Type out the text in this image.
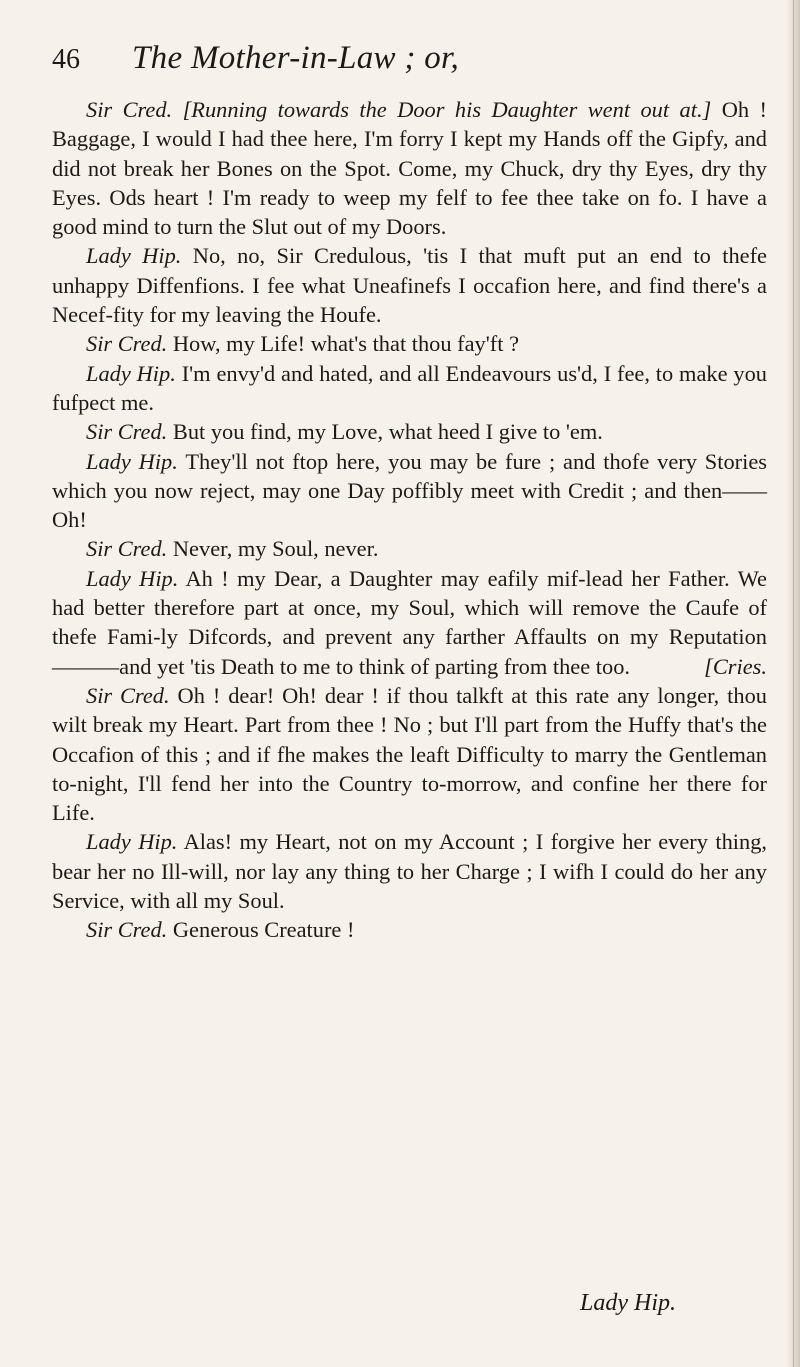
46	The Mother-in-Law ; or,

Sir Cred. [Running towards the Door his Daughter went out at.] Oh ! Baggage, I would I had thee here, I'm forry I kept my Hands off the Gipfy, and did not break her Bones on the Spot. Come, my Chuck, dry thy Eyes, dry thy Eyes. Ods heart ! I'm ready to weep my felf to fee thee take on fo. I have a good mind to turn the Slut out of my Doors.

Lady Hip. No, no, Sir Credulous, 'tis I that muft put an end to thefe unhappy Diffenfions. I fee what Uneafinefs I occafion here, and find there's a Necef-fity for my leaving the Houfe.

Sir Cred. How, my Life! what's that thou fay'ft ?

Lady Hip. I'm envy'd and hated, and all Endeavours us'd, I fee, to make you fufpect me.

Sir Cred. But you find, my Love, what heed I give to 'em.

Lady Hip. They'll not ftop here, you may be fure ; and thofe very Stories which you now reject, may one Day poffibly meet with Credit ; and then—— Oh!

Sir Cred. Never, my Soul, never.

Lady Hip. Ah ! my Dear, a Daughter may eafily mif-lead her Father. We had better therefore part at once, my Soul, which will remove the Caufe of thefe Fami-ly Difcords, and prevent any farther Affaults on my Reputation———and yet 'tis Death to me to think of parting from thee too.	[Cries.

Sir Cred. Oh ! dear! Oh! dear ! if thou talkft at this rate any longer, thou wilt break my Heart. Part from thee ! No ; but I'll part from the Huffy that's the Occafion of this ; and if fhe makes the leaft Difficulty to marry the Gentleman to-night, I'll fend her into the Country to-morrow, and confine her there for Life.

Lady Hip. Alas! my Heart, not on my Account ; I forgive her every thing, bear her no Ill-will, nor lay any thing to her Charge ; I wifh I could do her any Service, with all my Soul.

Sir Cred. Generous Creature !

Lady Hip.
